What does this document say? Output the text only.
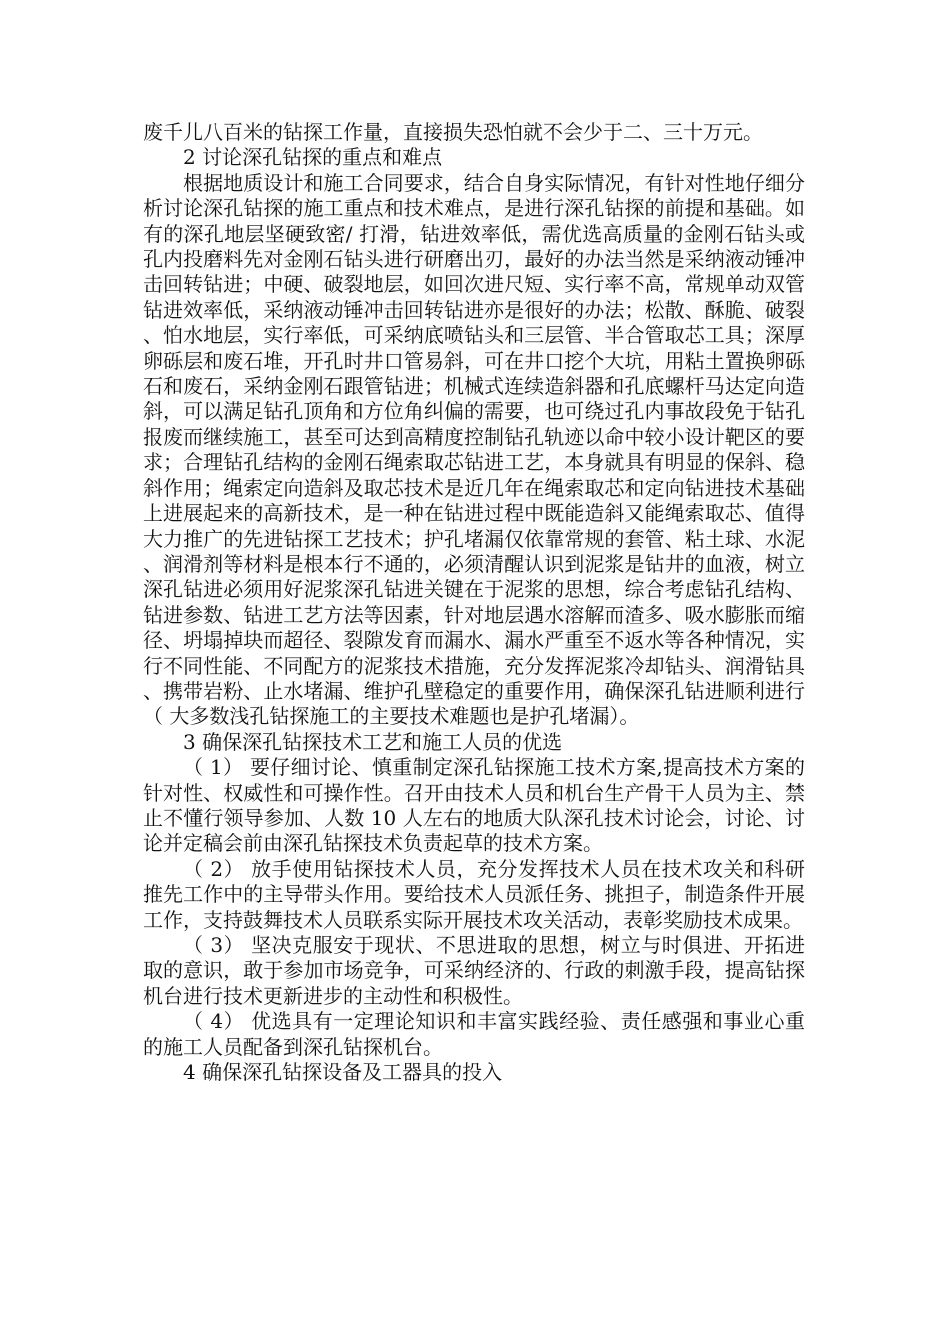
废千儿八百米的钻探工作量，直接损失恐怕就不会少于二、三十万元。

2 讨论深孔钻探的重点和难点

根据地质设计和施工合同要求，结合自身实际情况，有针对性地仔细分析讨论深孔钻探的施工重点和技术难点，是进行深孔钻探的前提和基础。如有的深孔地层坚硬致密/ 打滑，钻进效率低，需优选高质量的金刚石钻头或孔内投磨料先对金刚石钻头进行研磨出刃，最好的办法当然是采纳液动锤冲击回转钻进；中硬、破裂地层，如回次进尺短、实行率不高，常规单动双管钻进效率低，采纳液动锤冲击回转钻进亦是很好的办法；松散、酥脆、破裂、怕水地层，实行率低，可采纳底喷钻头和三层管、半合管取芯工具；深厚卵砾层和废石堆，开孔时井口管易斜，可在井口挖个大坑，用粘土置换卵砾石和废石，采纳金刚石跟管钻进；机械式连续造斜器和孔底螺杆马达定向造斜，可以满足钻孔顶角和方位角纠偏的需要，也可绕过孔内事故段免于钻孔报废而继续施工，甚至可达到高精度控制钻孔轨迹以命中较小设计靶区的要求；合理钻孔结构的金刚石绳索取芯钻进工艺，本身就具有明显的保斜、稳斜作用；绳索定向造斜及取芯技术是近几年在绳索取芯和定向钻进技术基础上进展起来的高新技术，是一种在钻进过程中既能造斜又能绳索取芯、值得大力推广的先进钻探工艺技术；护孔堵漏仅依靠常规的套管、粘土球、水泥、润滑剂等材料是根本行不通的，必须清醒认识到泥浆是钻井的血液，树立深孔钻进必须用好泥浆深孔钻进关键在于泥浆的思想，综合考虑钻孔结构、钻进参数、钻进工艺方法等因素，针对地层遇水溶解而渣多、吸水膨胀而缩径、坍塌掉块而超径、裂隙发育而漏水、漏水严重至不返水等各种情况，实行不同性能、不同配方的泥浆技术措施，充分发挥泥浆冷却钻头、润滑钻具、携带岩粉、止水堵漏、维护孔壁稳定的重要作用，确保深孔钻进顺利进行（ 大多数浅孔钻探施工的主要技术难题也是护孔堵漏）。

3 确保深孔钻探技术工艺和施工人员的优选

（ 1） 要仔细讨论、慎重制定深孔钻探施工技术方案,提高技术方案的针对性、权威性和可操作性。召开由技术人员和机台生产骨干人员为主、禁止不懂行领导参加、人数 10 人左右的地质大队深孔技术讨论会，讨论、讨论并定稿会前由深孔钻探技术负责起草的技术方案。

（ 2） 放手使用钻探技术人员，充分发挥技术人员在技术攻关和科研推先工作中的主导带头作用。要给技术人员派任务、挑担子，制造条件开展工作，支持鼓舞技术人员联系实际开展技术攻关活动，表彰奖励技术成果。

（ 3） 坚决克服安于现状、不思进取的思想，树立与时俱进、开拓进取的意识，敢于参加市场竞争，可采纳经济的、行政的刺激手段，提高钻探机台进行技术更新进步的主动性和积极性。

（ 4） 优选具有一定理论知识和丰富实践经验、责任感强和事业心重的施工人员配备到深孔钻探机台。

4 确保深孔钻探设备及工器具的投入
